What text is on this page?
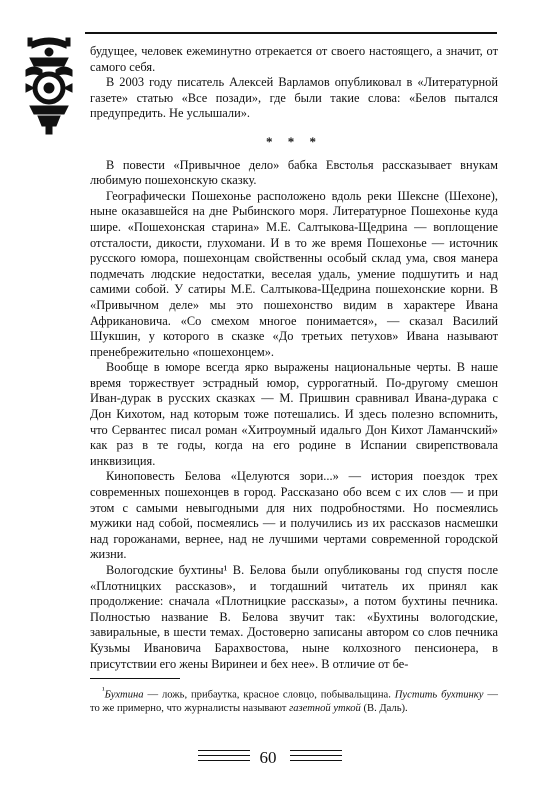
будущее, человек ежеминутно отрекается от своего настоящего, а значит, от самого себя.

В 2003 году писатель Алексей Варламов опубликовал в «Литературной газете» статью «Все позади», где были такие слова: «Белов пытался предупредить. Не услышали».

* * *

В повести «Привычное дело» бабка Евстолья рассказывает внукам любимую пошехонскую сказку.

Географически Пошехонье расположено вдоль реки Шексне (Шехоне), ныне оказавшейся на дне Рыбинского моря. Литературное Пошехонье куда шире. «Пошехонская старина» М.Е. Салтыкова-Щедрина — воплощение отсталости, дикости, глухомани. И в то же время Пошехонье — источник русского юмора, пошехонцам свойственны особый склад ума, своя манера подмечать людские недостатки, веселая удаль, умение подшутить и над самими собой. У сатиры М.Е. Салтыкова-Щедрина пошехонские корни. В «Привычном деле» мы это пошехонство видим в характере Ивана Африкановича. «Со смехом многое понимается», — сказал Василий Шукшин, у которого в сказке «До третьих петухов» Ивана называют пренебрежительно «пошехонцем».

Вообще в юморе всегда ярко выражены национальные черты. В наше время торжествует эстрадный юмор, суррогатный. По-другому смешон Иван-дурак в русских сказках — М. Пришвин сравнивал Ивана-дурака с Дон Кихотом, над которым тоже потешались. И здесь полезно вспомнить, что Сервантес писал роман «Хитроумный идальго Дон Кихот Ламанчский» как раз в те годы, когда на его родине в Испании свирепствовала инквизиция.

Киноповесть Белова «Целуются зори...» — история поездок трех современных пошехонцев в город. Рассказано обо всем с их слов — и при этом с самыми невыгодными для них подробностями. Но посмеялись мужики над собой, посмеялись — и получились из их рассказов насмешки над горожанами, вернее, над не лучшими чертами современной городской жизни.

Вологодские бухтины¹ В. Белова были опубликованы год спустя после «Плотницких рассказов», и тогдашний читатель их принял как продолжение: сначала «Плотницкие рассказы», а потом бухтины печника. Полностью название В. Белова звучит так: «Бухтины вологодские, завиральные, в шести темах. Достоверно записаны автором со слов печника Кузьмы Ивановича Барахвостова, ныне колхозного пенсионера, в присутствии его жены Виринеи и бех нее». В отличие от бе-

$^{^1}$Бухтина — ложь, прибаутка, красное словцо, побывальщина. Пустить бухтинку — то же примерно, что журналисты называют газетной уткой (В. Даль).

60
